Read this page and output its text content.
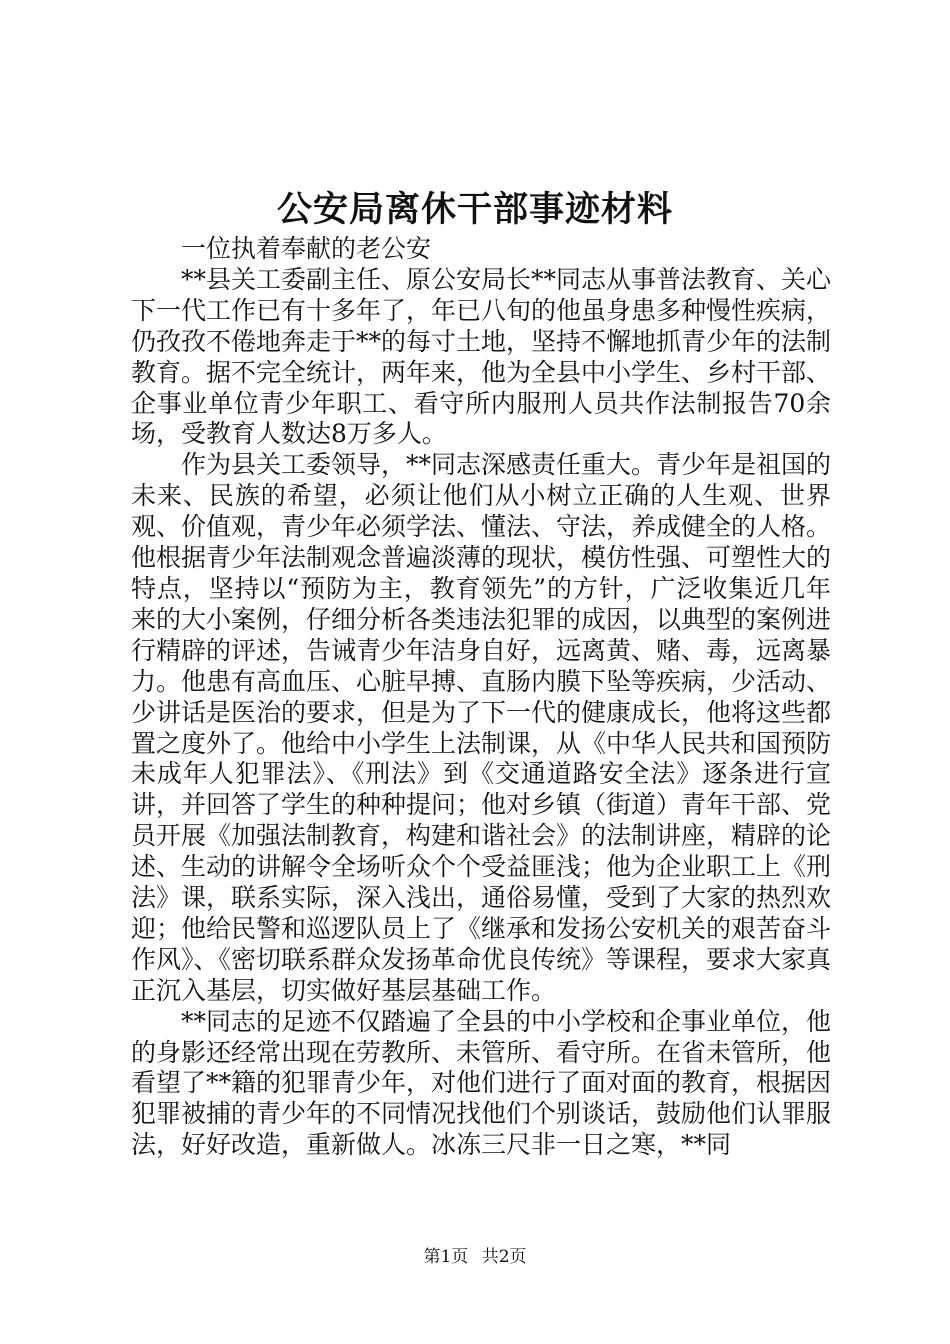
公安局离休干部事迹材料

一位执着奉献的老公安

**县关工委副主任、原公安局长**同志从事普法教育、关心下一代工作已有十多年了，年已八旬的他虽身患多种慢性疾病，仍孜孜不倦地奔走于**的每寸土地，坚持不懈地抓青少年的法制教育。据不完全统计，两年来，他为全县中小学生、乡村干部、企事业单位青少年职工、看守所内服刑人员共作法制报告70余场，受教育人数达8万多人。

作为县关工委领导，**同志深感责任重大。青少年是祖国的未来、民族的希望，必须让他们从小树立正确的人生观、世界观、价值观，青少年必须学法、懂法、守法，养成健全的人格。他根据青少年法制观念普遍淡薄的现状，模仿性强、可塑性大的特点，坚持以“预防为主，教育领先”的方针，广泛收集近几年来的大小案例，仔细分析各类违法犯罪的成因，以典型的案例进行精辟的评述，告诫青少年洁身自好，远离黄、赌、毒，远离暴力。他患有高血压、心脏早搏、直肠内膜下坠等疾病，少活动、少讲话是医治的要求，但是为了下一代的健康成长，他将这些都置之度外了。他给中小学生上法制课，从《中华人民共和国预防未成年人犯罪法》、《刑法》到《交通道路安全法》逐条进行宣讲，并回答了学生的种种提问；他对乡镇（街道）青年干部、党员开展《加强法制教育，构建和谐社会》的法制讲座，精辟的论述、生动的讲解令全场听众个个受益匪浅；他为企业职工上《刑法》课，联系实际，深入浅出，通俗易懂，受到了大家的热烈欢迎；他给民警和巡逻队员上了《继承和发扬公安机关的艰苦奋斗作风》、《密切联系群众发扬革命优良传统》等课程，要求大家真正沉入基层，切实做好基层基础工作。

**同志的足迹不仅踏遍了全县的中小学校和企事业单位，他的身影还经常出现在劳教所、未管所、看守所。在省未管所，他看望了**籍的犯罪青少年，对他们进行了面对面的教育，根据因犯罪被捕的青少年的不同情况找他们个别谈话，鼓励他们认罪服法，好好改造，重新做人。冰冻三尺非一日之寒，**同

第1页 共2页
